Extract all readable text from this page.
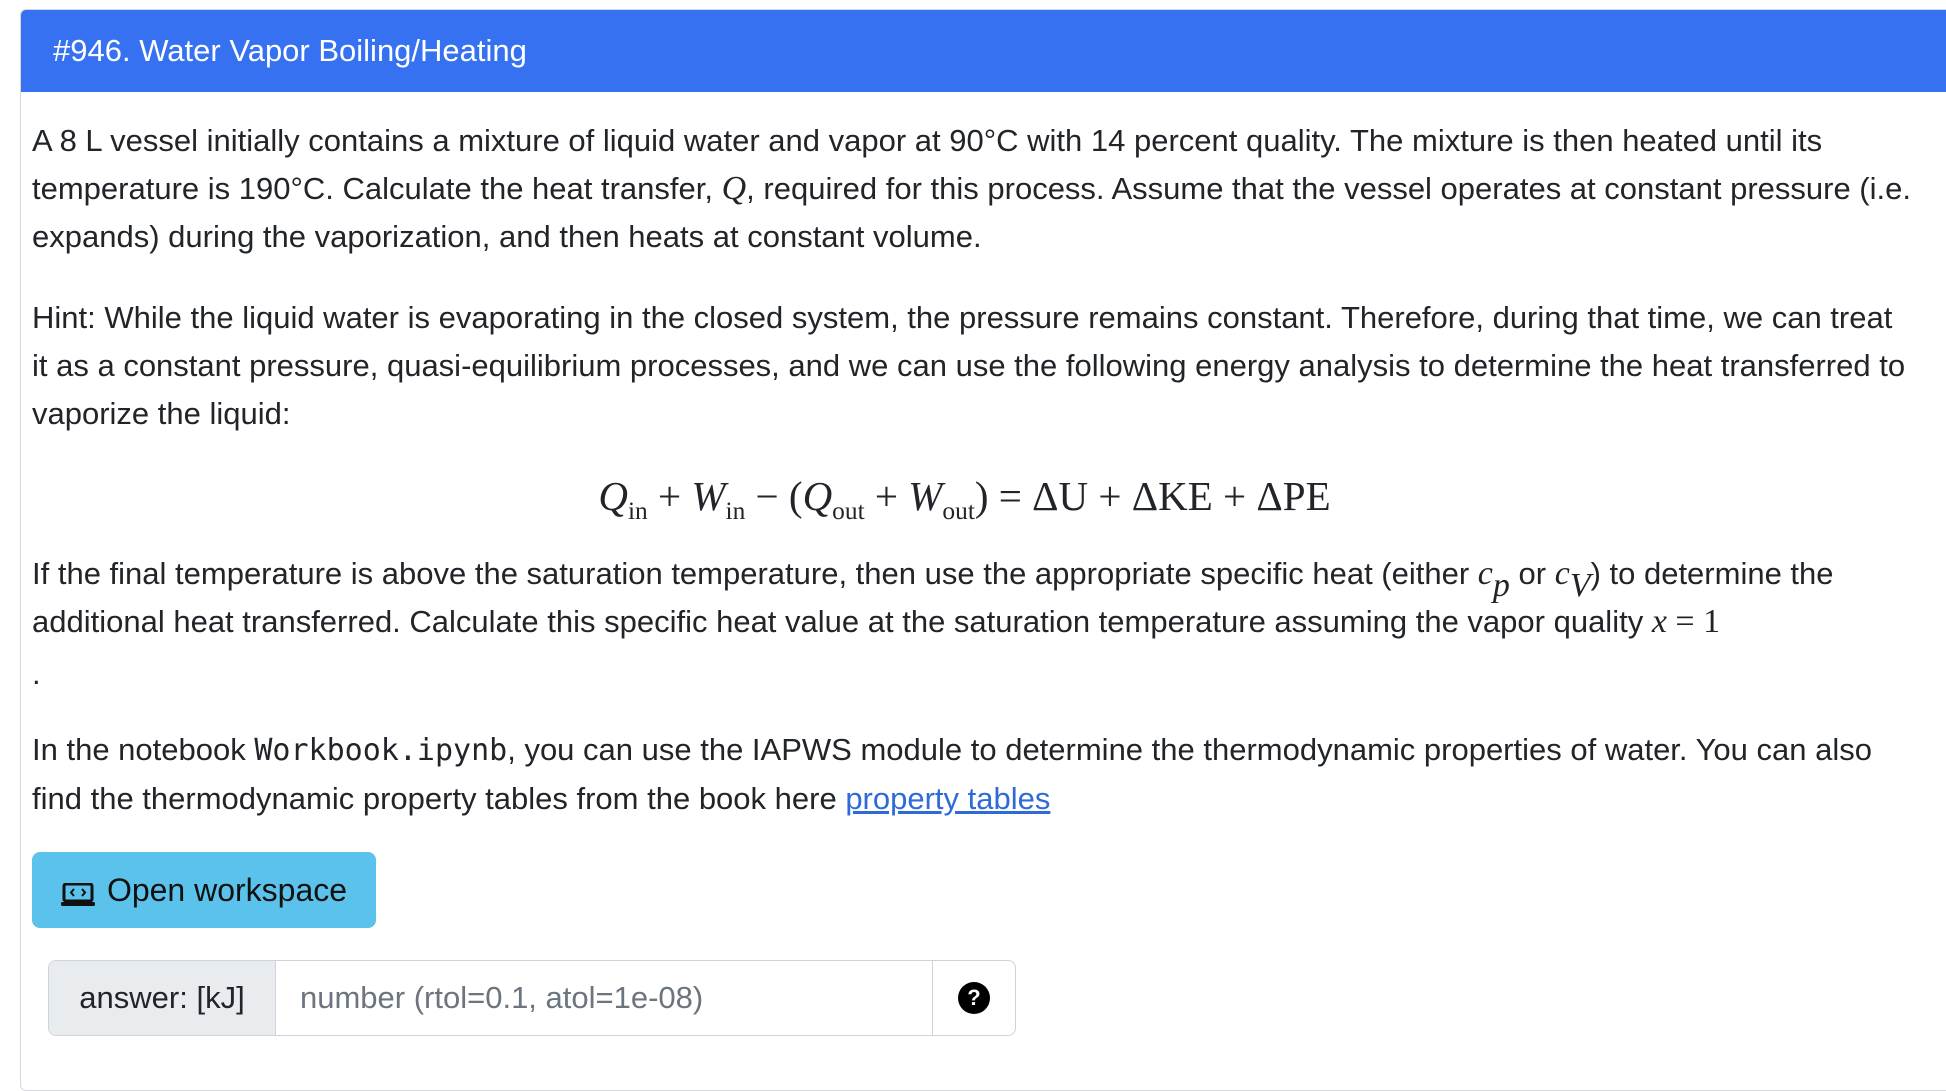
#946. Water Vapor Boiling/Heating

A 8 L vessel initially contains a mixture of liquid water and vapor at 90°C with 14 percent quality. The mixture is then heated until its temperature is 190°C. Calculate the heat transfer, Q, required for this process. Assume that the vessel operates at constant pressure (i.e. expands) during the vaporization, and then heats at constant volume.

Hint: While the liquid water is evaporating in the closed system, the pressure remains constant. Therefore, during that time, we can treat it as a constant pressure, quasi-equilibrium processes, and we can use the following energy analysis to determine the heat transferred to vaporize the liquid:

$Q_{in} + W_{in} - (Q_{out} + W_{out}) = \Delta U + \Delta KE + \Delta PE$

If the final temperature is above the saturation temperature, then use the appropriate specific heat (either $c_p$ or $c_V$) to determine the additional heat transferred. Calculate this specific heat value at the saturation temperature assuming the vapor quality x = 1

.

In the notebook Workbook.ipynb, you can use the IAPWS module to determine the thermodynamic properties of water. You can also find the thermodynamic property tables from the book here property tables

Open workspace
answer: [kJ]
number (rtol=0.1, atol=1e-08)	?
